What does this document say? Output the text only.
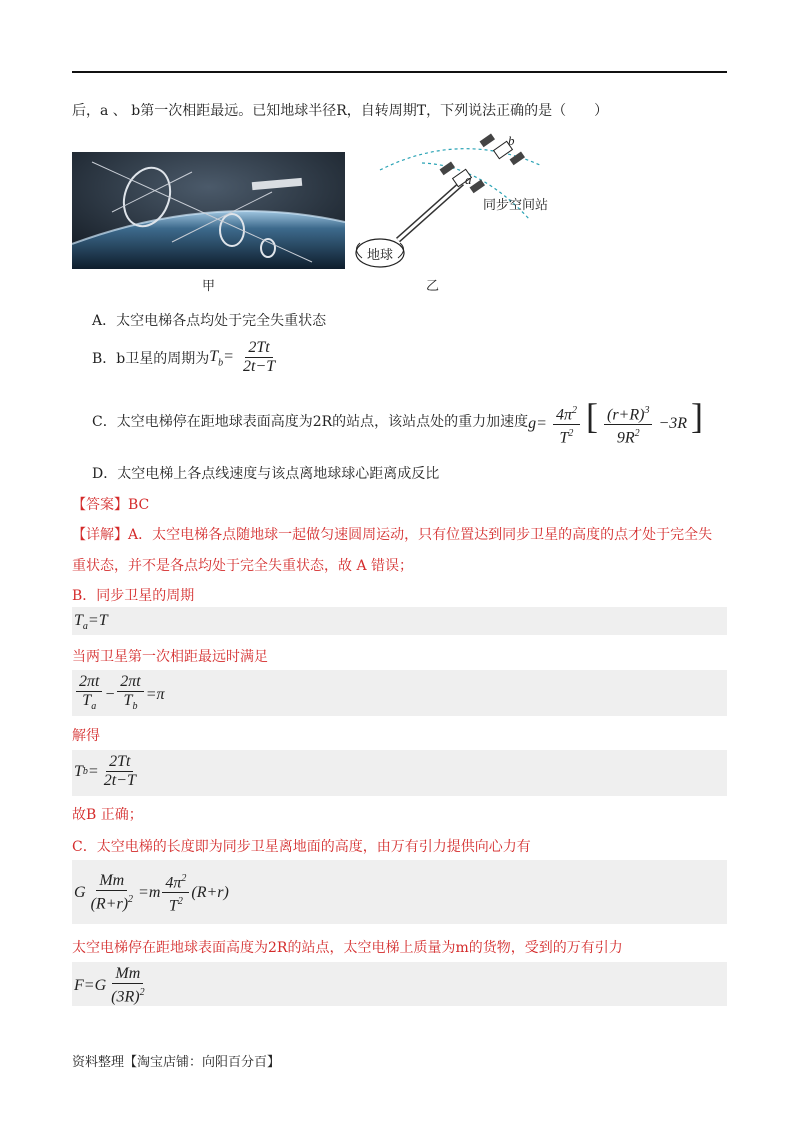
后，a 、 b第一次相距最远。已知地球半径R，自转周期T，下列说法正确的是（　　）
甲
地球
a
b
同步空间站
乙
A．太空电梯各点均处于完全失重状态
B．b卫星的周期为 $T_b= \frac{2Tt}{2t-T}$
C．太空电梯停在距地球表面高度为2R的站点，该站点处的重力加速度 $g= \frac{4\pi^2}{T^2}$ [ $\frac{(r+R)^3}{9R^2} -3R$ ]
D．太空电梯上各点线速度与该点离地球球心距离成反比
【答案】BC
【详解】A．太空电梯各点随地球一起做匀速圆周运动，只有位置达到同步卫星的高度的点才处于完全失
重状态，并不是各点均处于完全失重状态，故 A 错误；
B．同步卫星的周期
$T_a=T$
当两卫星第一次相距最远时满足
$\frac{2\pi t}{T_a} - \frac{2\pi t}{T_b} =\pi$
解得
T $b = \frac{2Tt}{2t-T}$
故B 正确；
C．太空电梯的长度即为同步卫星离地面的高度，由万有引力提供向心力有
G $\frac{Mm}{(R+r)^2} =m \frac{4\pi^2}{T^2} (R+r)$
太空电梯停在距地球表面高度为2R的站点，太空电梯上质量为m的货物，受到的万有引力
$F=G \frac{Mm}{(3R)^2}$
资料整理【淘宝店铺：向阳百分百】
